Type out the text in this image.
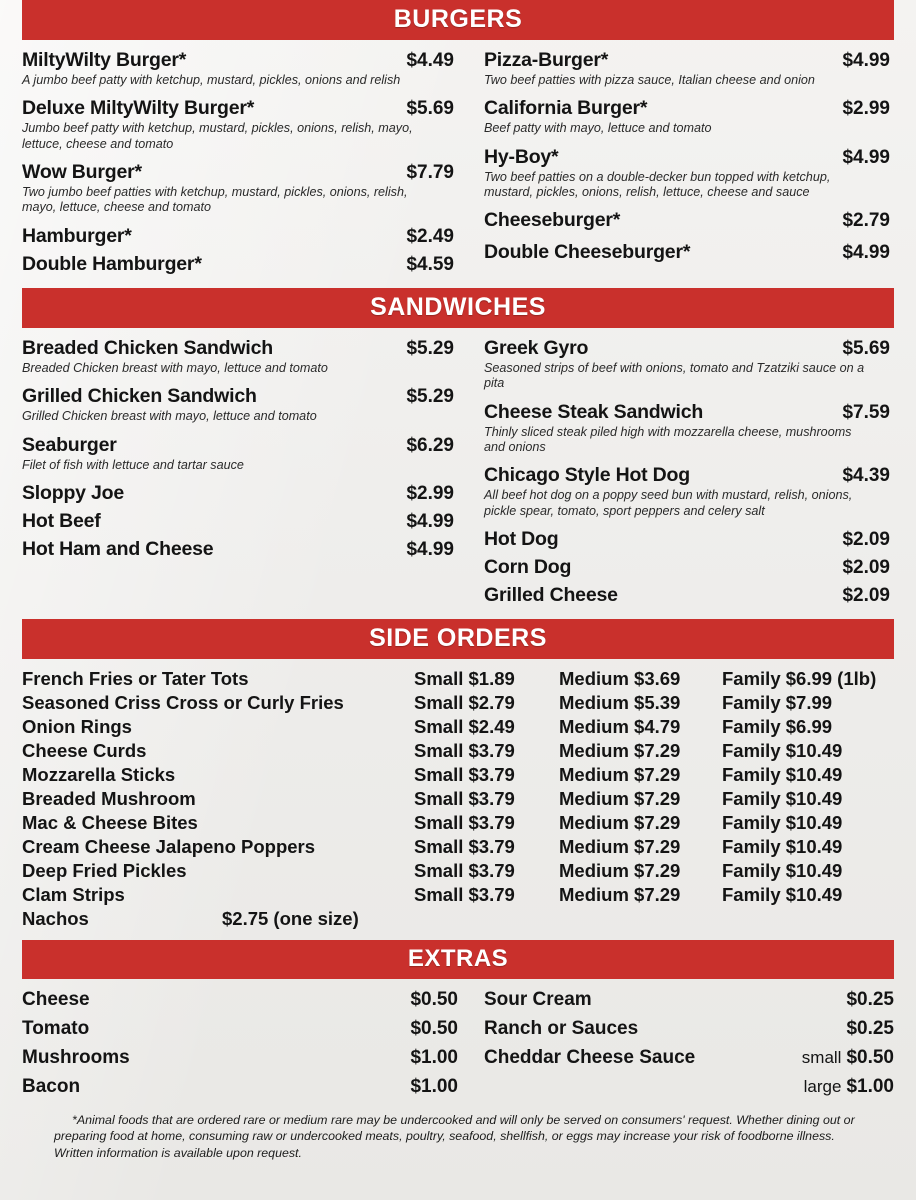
BURGERS
MiltyWilty Burger*	$4.49
A jumbo beef patty with ketchup, mustard, pickles, onions and relish
Deluxe MiltyWilty Burger*	$5.69
Jumbo beef patty with ketchup, mustard, pickles, onions, relish, mayo, lettuce, cheese and tomato
Wow Burger*	$7.79
Two jumbo beef patties with ketchup, mustard, pickles, onions, relish, mayo, lettuce, cheese and tomato
Hamburger*	$2.49
Double Hamburger*	$4.59
Pizza-Burger*	$4.99
Two beef patties with pizza sauce, Italian cheese and onion
California Burger*	$2.99
Beef patty with mayo, lettuce and tomato
Hy-Boy*	$4.99
Two beef patties on a double-decker bun topped with ketchup, mustard, pickles, onions, relish, lettuce, cheese and sauce
Cheeseburger*	$2.79
Double Cheeseburger*	$4.99
SANDWICHES
Breaded Chicken Sandwich	$5.29
Breaded Chicken breast with mayo, lettuce and tomato
Grilled Chicken Sandwich	$5.29
Grilled Chicken breast with mayo, lettuce and tomato
Seaburger	$6.29
Filet of fish with lettuce and tartar sauce
Sloppy Joe	$2.99
Hot Beef	$4.99
Hot Ham and Cheese	$4.99
Greek Gyro	$5.69
Seasoned strips of beef with onions, tomato and Tzatziki sauce on a pita
Cheese Steak Sandwich	$7.59
Thinly sliced steak piled high with mozzarella cheese, mushrooms and onions
Chicago Style Hot Dog	$4.39
All beef hot dog on a poppy seed bun with mustard, relish, onions, pickle spear, tomato, sport peppers and celery salt
Hot Dog	$2.09
Corn Dog	$2.09
Grilled Cheese	$2.09
SIDE ORDERS
French Fries or Tater Tots	Small $1.89	Medium $3.69	Family $6.99 (1lb)
Seasoned Criss Cross or Curly Fries	Small $2.79	Medium $5.39	Family $7.99
Onion Rings	Small $2.49	Medium $4.79	Family $6.99
Cheese Curds	Small $3.79	Medium $7.29	Family $10.49
Mozzarella Sticks	Small $3.79	Medium $7.29	Family $10.49
Breaded Mushroom	Small $3.79	Medium $7.29	Family $10.49
Mac & Cheese Bites	Small $3.79	Medium $7.29	Family $10.49
Cream Cheese Jalapeno Poppers	Small $3.79	Medium $7.29	Family $10.49
Deep Fried Pickles	Small $3.79	Medium $7.29	Family $10.49
Clam Strips	Small $3.79	Medium $7.29	Family $10.49
Nachos	$2.75 (one size)
EXTRAS
Cheese	$0.50
Tomato	$0.50
Mushrooms	$1.00
Bacon	$1.00
Sour Cream	$0.25
Ranch or Sauces	$0.25
Cheddar Cheese Sauce	small $0.50
large $1.00
*Animal foods that are ordered rare or medium rare may be undercooked and will only be served on consumers' request. Whether dining out or
preparing food at home, consuming raw or undercooked meats, poultry, seafood, shellfish, or eggs may increase your risk of foodborne illness.
Written information is available upon request.
